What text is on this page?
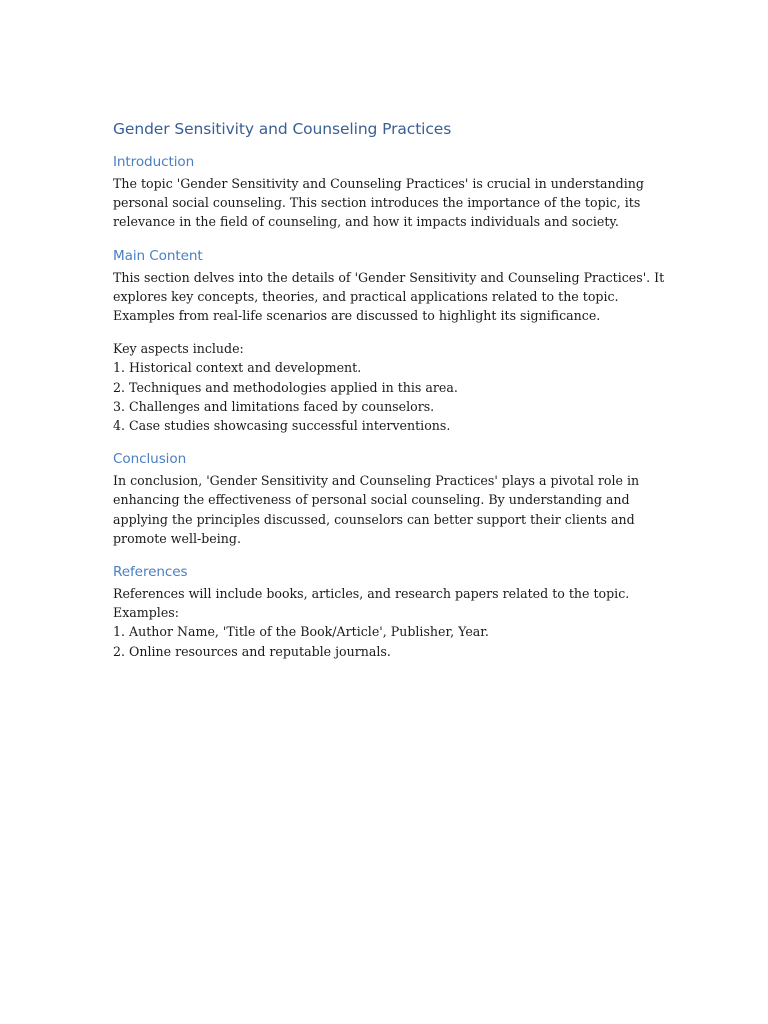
Gender Sensitivity and Counseling Practices
Introduction

The topic 'Gender Sensitivity and Counseling Practices' is crucial in understanding personal social counseling. This section introduces the importance of the topic, its relevance in the field of counseling, and how it impacts individuals and society.

Main Content

This section delves into the details of 'Gender Sensitivity and Counseling Practices'. It explores key concepts, theories, and practical applications related to the topic. Examples from real-life scenarios are discussed to highlight its significance.

Key aspects include:
1. Historical context and development.
2. Techniques and methodologies applied in this area.
3. Challenges and limitations faced by counselors.
4. Case studies showcasing successful interventions.
Conclusion

In conclusion, 'Gender Sensitivity and Counseling Practices' plays a pivotal role in enhancing the effectiveness of personal social counseling. By understanding and applying the principles discussed, counselors can better support their clients and promote well-being.

References
References will include books, articles, and research papers related to the topic. Examples:
1. Author Name, 'Title of the Book/Article', Publisher, Year.
2. Online resources and reputable journals.
